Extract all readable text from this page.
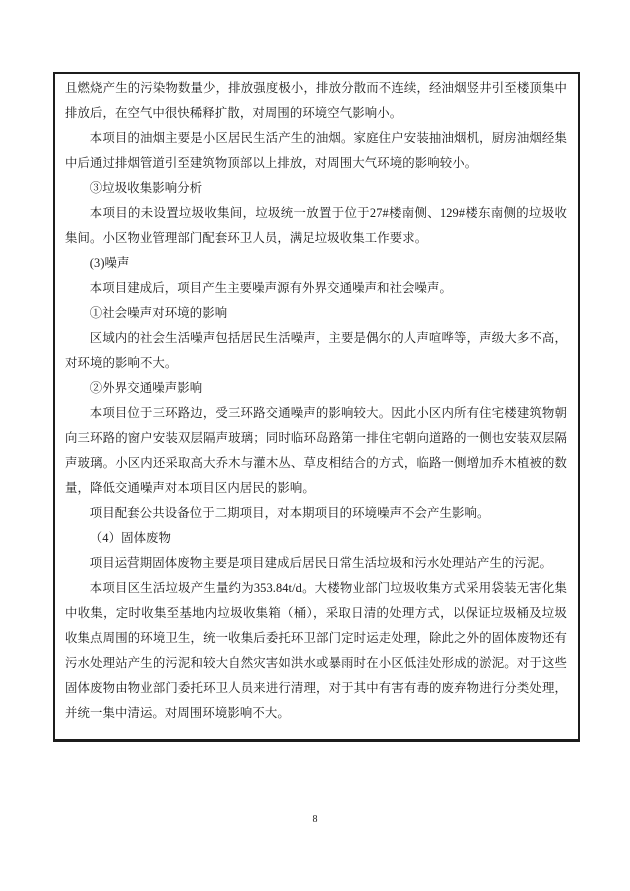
且燃烧产生的污染物数量少，排放强度极小，排放分散而不连续，经油烟竖井引至楼顶集中排放后，在空气中很快稀释扩散，对周围的环境空气影响小。

本项目的油烟主要是小区居民生活产生的油烟。家庭住户安装抽油烟机，厨房油烟经集中后通过排烟管道引至建筑物顶部以上排放，对周围大气环境的影响较小。

③垃圾收集影响分析

本项目的未设置垃圾收集间，垃圾统一放置于位于27#楼南侧、129#楼东南侧的垃圾收集间。小区物业管理部门配套环卫人员，满足垃圾收集工作要求。

(3)噪声

本项目建成后，项目产生主要噪声源有外界交通噪声和社会噪声。

①社会噪声对环境的影响

区域内的社会生活噪声包括居民生活噪声，主要是偶尔的人声喧哗等，声级大多不高，对环境的影响不大。

②外界交通噪声影响

本项目位于三环路边，受三环路交通噪声的影响较大。因此小区内所有住宅楼建筑物朝向三环路的窗户安装双层隔声玻璃；同时临环岛路第一排住宅朝向道路的一侧也安装双层隔声玻璃。小区内还采取高大乔木与灌木丛、草皮相结合的方式，临路一侧增加乔木植被的数量，降低交通噪声对本项目区内居民的影响。

项目配套公共设备位于二期项目，对本期项目的环境噪声不会产生影响。

（4）固体废物

项目运营期固体废物主要是项目建成后居民日常生活垃圾和污水处理站产生的污泥。

本项目区生活垃圾产生量约为353.84t/d。大楼物业部门垃圾收集方式采用袋装无害化集中收集，定时收集至基地内垃圾收集箱（桶），采取日清的处理方式，以保证垃圾桶及垃圾收集点周围的环境卫生，统一收集后委托环卫部门定时运走处理，除此之外的固体废物还有污水处理站产生的污泥和较大自然灾害如洪水或暴雨时在小区低洼处形成的淤泥。对于这些固体废物由物业部门委托环卫人员来进行清理，对于其中有害有毒的废弃物进行分类处理，并统一集中清运。对周围环境影响不大。

8
